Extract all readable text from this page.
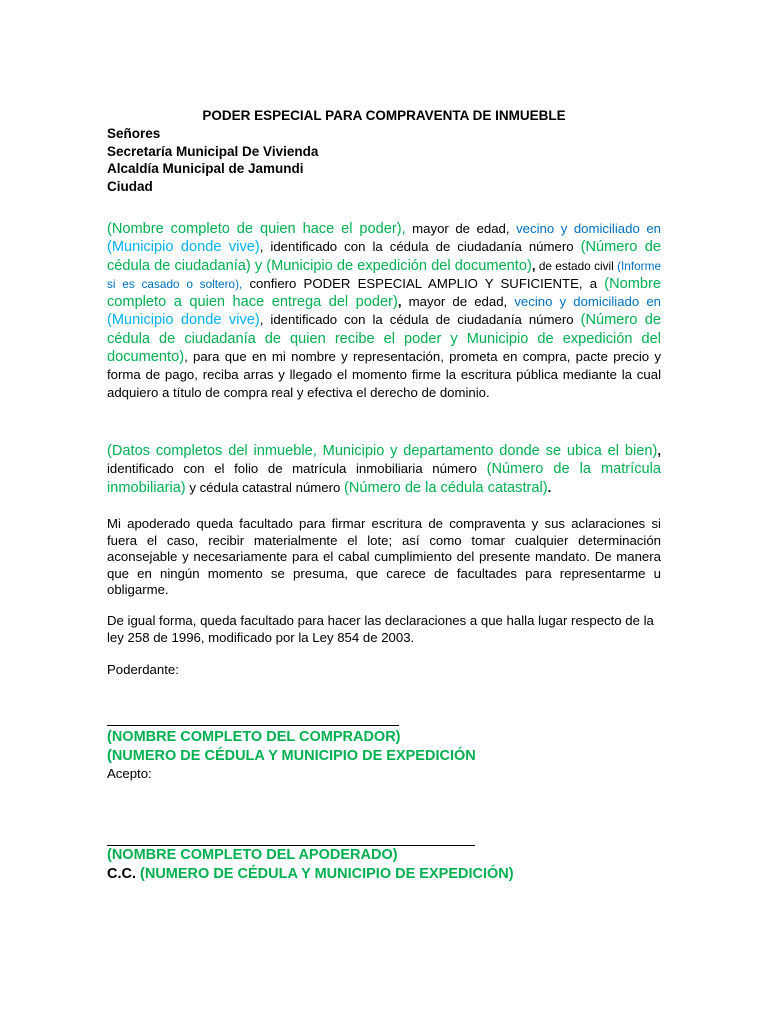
PODER ESPECIAL PARA COMPRAVENTA DE INMUEBLE
Señores
Secretaría Municipal De Vivienda
Alcaldía Municipal de Jamundi
Ciudad
(Nombre completo de quien hace el poder), mayor de edad, vecino y domiciliado en (Municipio donde vive), identificado con la cédula de ciudadanía número (Número de cédula de ciudadanía) y (Municipio de expedición del documento), de estado civil (Informe si es casado o soltero), confiero PODER ESPECIAL AMPLIO Y SUFICIENTE, a (Nombre completo a quien hace entrega del poder), mayor de edad, vecino y domiciliado en (Municipio donde vive), identificado con la cédula de ciudadanía número (Número de cédula de ciudadanía de quien recibe el poder y Municipio de expedición del documento), para que en mi nombre y representación, prometa en compra, pacte precio y forma de pago, reciba arras y llegado el momento firme la escritura pública mediante la cual adquiero a título de compra real y efectiva el derecho de dominio.
(Datos completos del inmueble, Municipio y departamento donde se ubica el bien), identificado con el folio de matrícula inmobiliaria número (Número de la matrícula inmobiliaria) y cédula catastral número (Número de la cédula catastral).
Mi apoderado queda facultado para firmar escritura de compraventa y sus aclaraciones si fuera el caso, recibir materialmente el lote; así como tomar cualquier determinación aconsejable y necesariamente para el cabal cumplimiento del presente mandato. De manera que en ningún momento se presuma, que carece de facultades para representarme u obligarme.
De igual forma, queda facultado para hacer las declaraciones a que halla lugar respecto de la ley 258 de 1996, modificado por la Ley 854 de 2003.
Poderdante:
(NOMBRE COMPLETO DEL COMPRADOR)
(NUMERO DE CÉDULA Y MUNICIPIO DE EXPEDICIÓN
Acepto:
(NOMBRE COMPLETO DEL APODERADO)
C.C. (NUMERO DE CÉDULA Y MUNICIPIO DE EXPEDICIÓN)
